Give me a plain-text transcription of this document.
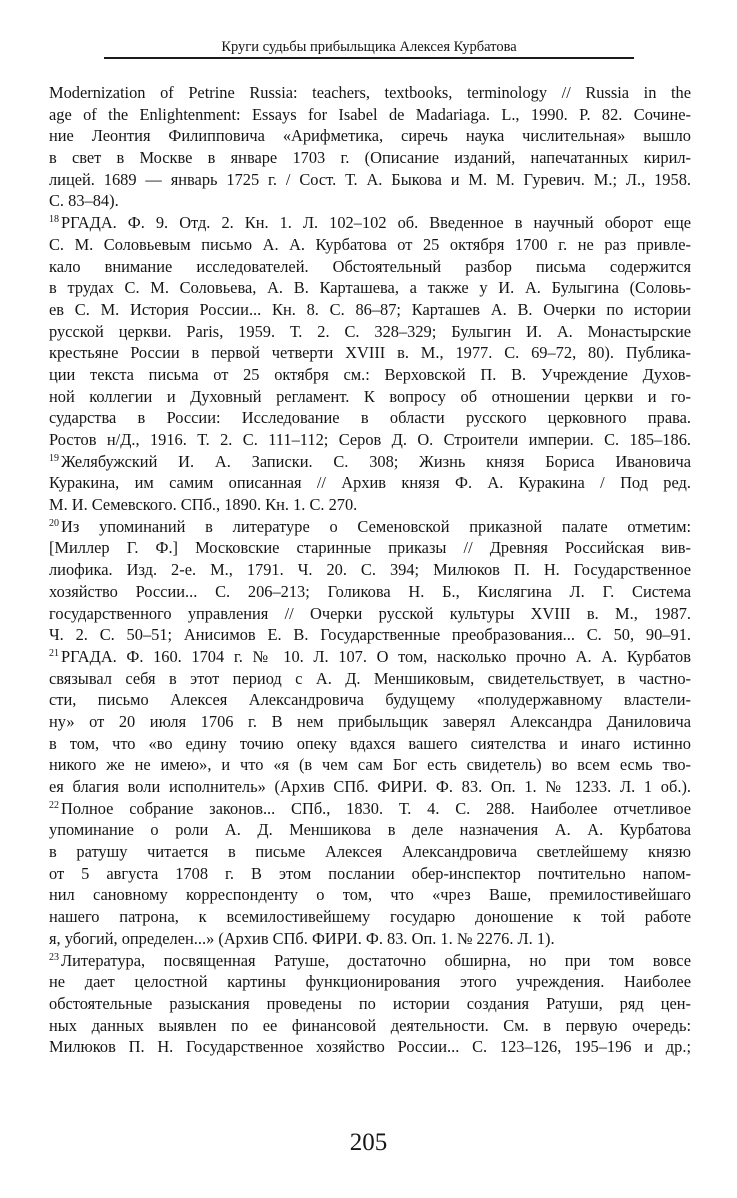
Круги судьбы прибыльщика Алексея Курбатова
Modernization of Petrine Russia: teachers, textbooks, terminology // Russia in the
age of the Enlightenment: Essays for Isabel de Madariaga. L., 1990. P. 82. Сочине-
ние Леонтия Филипповича «Арифметика, сиречь наука числительная» вышло
в свет в Москве в январе 1703 г. (Описание изданий, напечатанных кирил-
лицей. 1689 — январь 1725 г. / Сост. Т. А. Быкова и М. М. Гуревич. М.; Л., 1958.
С. 83–84).
$^{18}$ РГАДА. Ф. 9. Отд. 2. Кн. 1. Л. 102–102 об. Введенное в научный оборот еще
С. М. Соловьевым письмо А. А. Курбатова от 25 октября 1700 г. не раз привле-
кало внимание исследователей. Обстоятельный разбор письма содержится
в трудах С. М. Соловьева, А. В. Карташева, а также у И. А. Булыгина (Соловь-
ев С. М. История России... Кн. 8. С. 86–87; Карташев А. В. Очерки по истории
русской церкви. Paris, 1959. Т. 2. С. 328–329; Булыгин И. А. Монастырские
крестьяне России в первой четверти XVIII в. М., 1977. С. 69–72, 80). Публика-
ции текста письма от 25 октября см.: Верховской П. В. Учреждение Духов-
ной коллегии и Духовный регламент. К вопросу об отношении церкви и го-
сударства в России: Исследование в области русского церковного права.
Ростов н/Д., 1916. Т. 2. С. 111–112; Серов Д. О. Строители империи. С. 185–186.
$^{19}$ Желябужский И. А. Записки. С. 308; Жизнь князя Бориса Ивановича
Куракина, им самим описанная // Архив князя Ф. А. Куракина / Под ред.
М. И. Семевского. СПб., 1890. Кн. 1. С. 270.
$^{20}$ Из упоминаний в литературе о Семеновской приказной палате отметим:
[Миллер Г. Ф.] Московские старинные приказы // Древняя Российская вив-
лиофика. Изд. 2-е. М., 1791. Ч. 20. С. 394; Милюков П. Н. Государственное
хозяйство России... С. 206–213; Голикова Н. Б., Кислягина Л. Г. Система
государственного управления // Очерки русской культуры XVIII в. М., 1987.
Ч. 2. С. 50–51; Анисимов Е. В. Государственные преобразования... С. 50, 90–91.
$^{21}$ РГАДА. Ф. 160. 1704 г. № 10. Л. 107. О том, насколько прочно А. А. Курбатов
связывал себя в этот период с А. Д. Меншиковым, свидетельствует, в частно-
сти, письмо Алексея Александровича будущему «полудержавному властели-
ну» от 20 июля 1706 г. В нем прибыльщик заверял Александра Даниловича
в том, что «во едину точию опеку вдахся вашего сиятелства и инаго истинно
никого же не имею», и что «я (в чем сам Бог есть свидетель) во всем есмь тво-
ея благия воли исполнитель» (Архив СПб. ФИРИ. Ф. 83. Оп. 1. № 1233. Л. 1 об.).
$^{22}$ Полное собрание законов... СПб., 1830. Т. 4. С. 288. Наиболее отчетливое
упоминание о роли А. Д. Меншикова в деле назначения А. А. Курбатова
в ратушу читается в письме Алексея Александровича светлейшему князю
от 5 августа 1708 г. В этом послании обер-инспектор почтительно напом-
нил сановному корреспонденту о том, что «чрез Ваше, премилостивейшаго
нашего патрона, к всемилостивейшему государю доношение к той работе
я, убогий, определен...» (Архив СПб. ФИРИ. Ф. 83. Оп. 1. № 2276. Л. 1).
$^{23}$ Литература, посвященная Ратуше, достаточно обширна, но при том вовсе
не дает целостной картины функционирования этого учреждения. Наиболее
обстоятельные разыскания проведены по истории создания Ратуши, ряд цен-
ных данных выявлен по ее финансовой деятельности. См. в первую очередь:
Милюков П. Н. Государственное хозяйство России... С. 123–126, 195–196 и др.;
205
